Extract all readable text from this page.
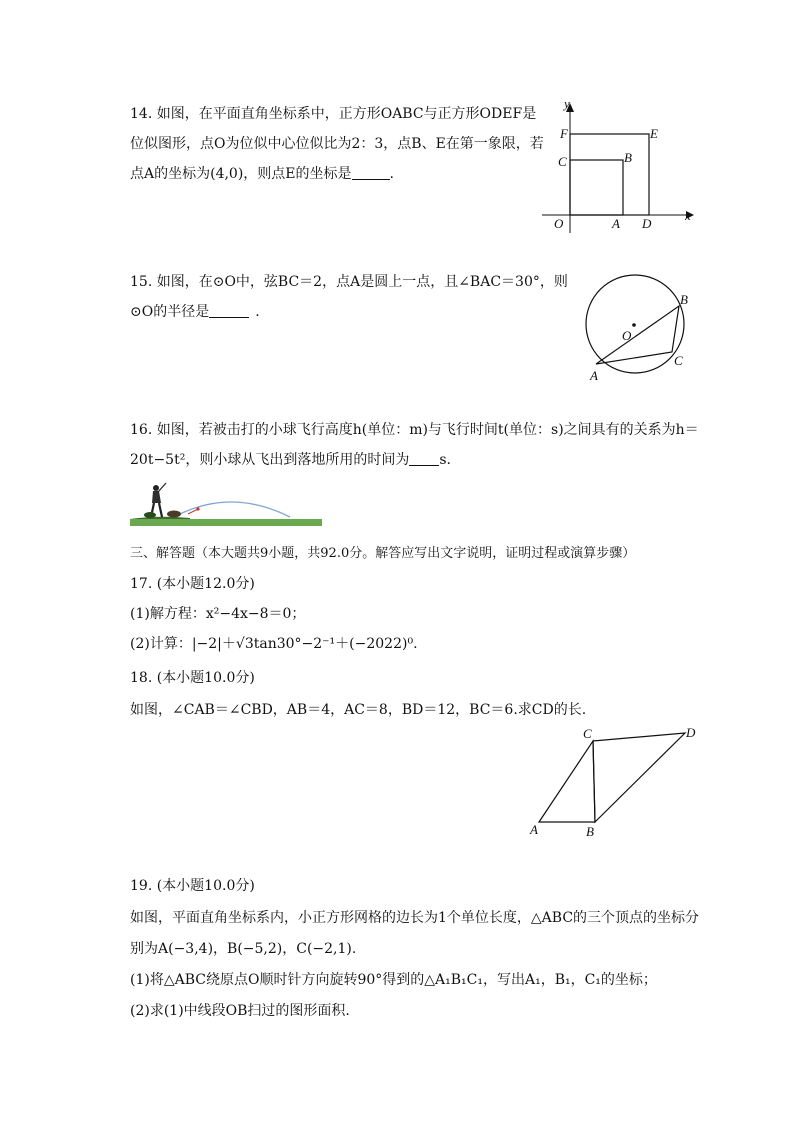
14. 如图，在平面直角坐标系中，正方形OABC与正方形ODEF是
位似图形，点O为位似中心位似比为2：3，点B、E在第一象限，若
点A的坐标为(4,0)，则点E的坐标是	.
y
x
F	E
C	B
O	A D
15. 如图，在⊙O中，弦BC＝2，点A是圆上一点，且∠BAC＝30°，则
⊙O的半径是	.
O
A
B
C
16. 如图，若被击打的小球飞行高度h(单位：m)与飞行时间t(单位：s)之间具有的关系为h＝
20t−5t²，则小球从飞出到落地所用的时间为 s.
三、解答题（本大题共9小题，共92.0分。解答应写出文字说明，证明过程或演算步骤）
17. (本小题12.0分)
(1)解方程：x²−4x−8＝0；
(2)计算：|−2|＋√3tan30°−2⁻¹＋(−2022)⁰.
18. (本小题10.0分)
如图，∠CAB＝∠CBD，AB＝4，AC＝8，BD＝12，BC＝6.求CD的长.
A	B
C	D
19. (本小题10.0分)
如图，平面直角坐标系内，小正方形网格的边长为1个单位长度，△ABC的三个顶点的坐标分
别为A(−3,4)，B(−5,2)，C(−2,1).
(1)将△ABC绕原点O顺时针方向旋转90°得到的△A₁B₁C₁，写出A₁，B₁，C₁的坐标；
(2)求(1)中线段OB扫过的图形面积.
